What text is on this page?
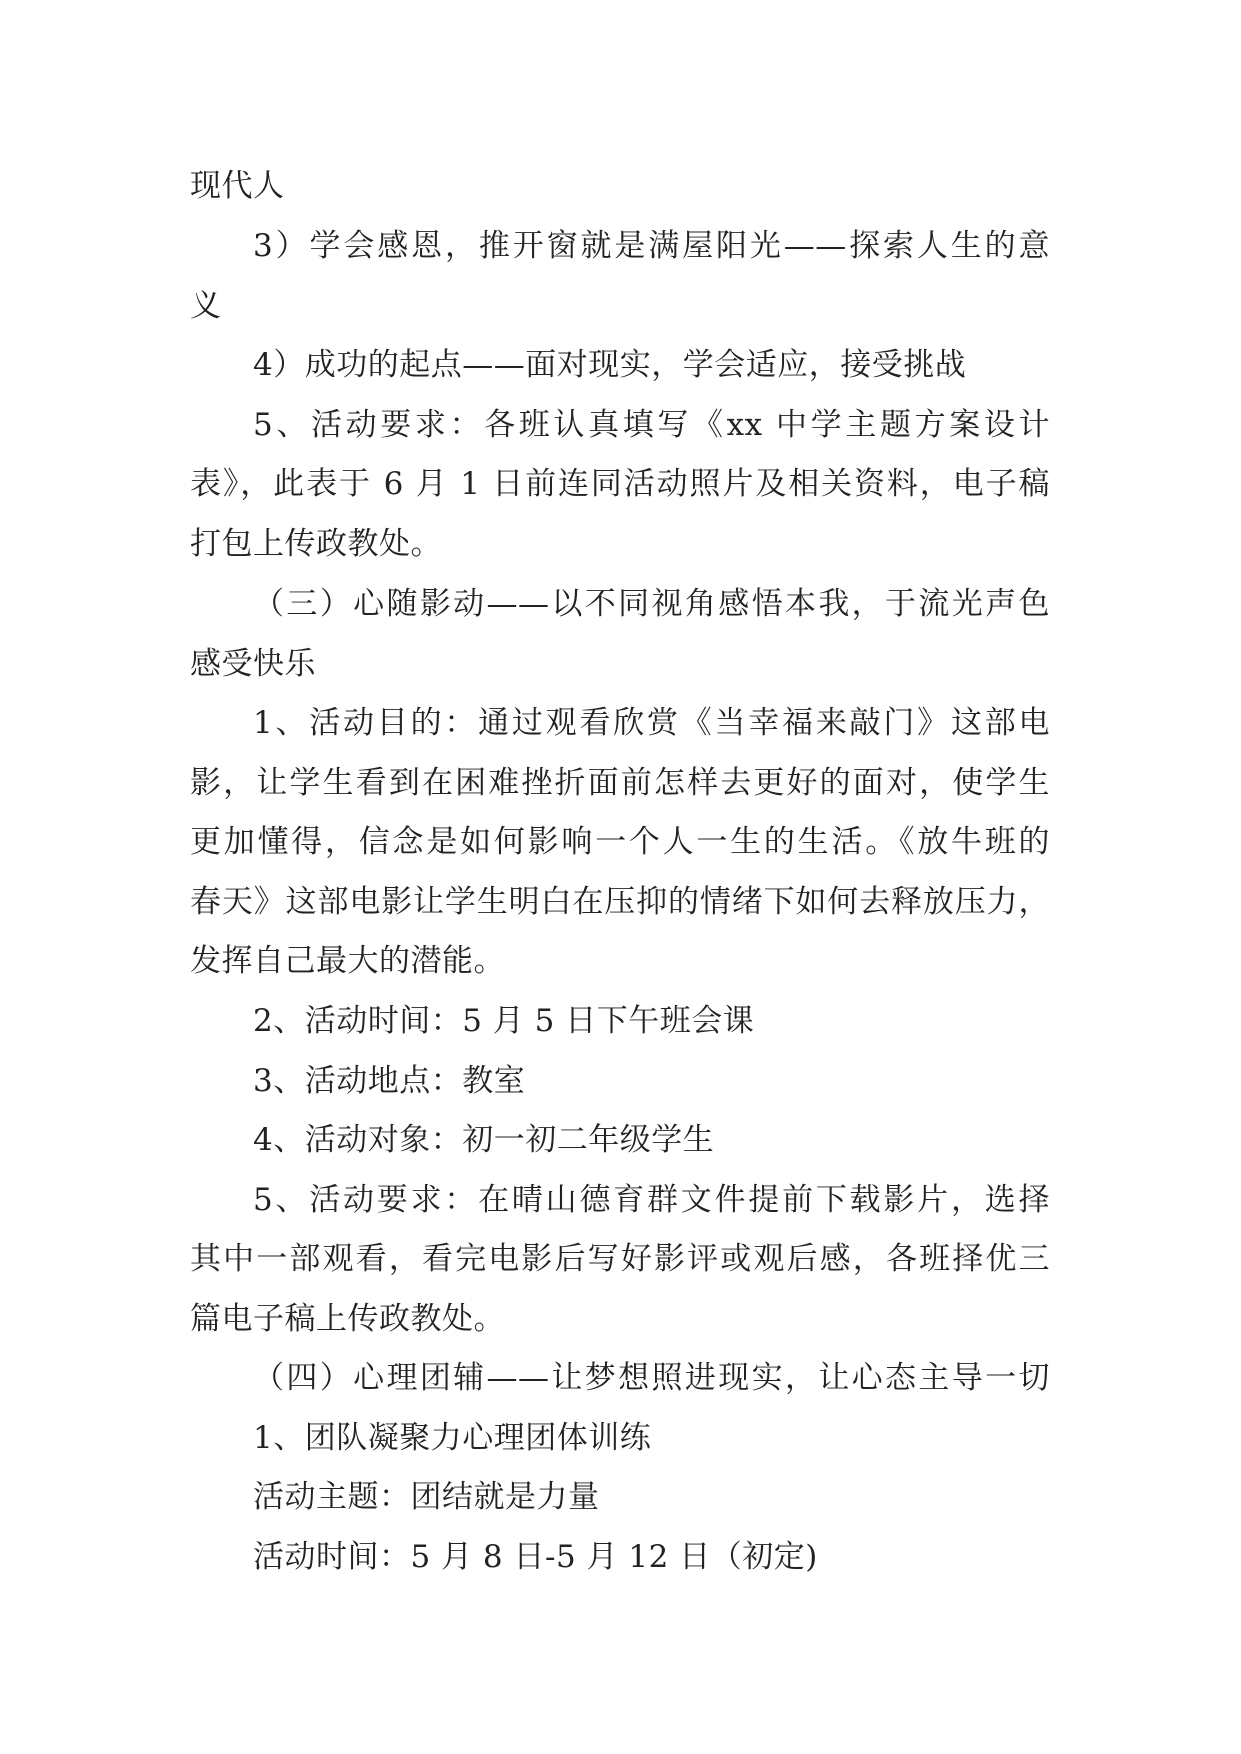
现代人
3）学会感恩，推开窗就是满屋阳光——探索人生的意
义
4）成功的起点——面对现实，学会适应，接受挑战
5、活动要求：各班认真填写《xx 中学主题方案设计
表》，此表于 6 月 1 日前连同活动照片及相关资料，电子稿
打包上传政教处。
（三）心随影动——以不同视角感悟本我，于流光声色
感受快乐
1、活动目的：通过观看欣赏《当幸福来敲门》这部电
影，让学生看到在困难挫折面前怎样去更好的面对，使学生
更加懂得，信念是如何影响一个人一生的生活。《放牛班的
春天》这部电影让学生明白在压抑的情绪下如何去释放压力，
发挥自己最大的潜能。
2、活动时间：5 月 5 日下午班会课
3、活动地点：教室
4、活动对象：初一初二年级学生
5、活动要求：在晴山德育群文件提前下载影片，选择
其中一部观看，看完电影后写好影评或观后感，各班择优三
篇电子稿上传政教处。
（四）心理团辅——让梦想照进现实，让心态主导一切
1、团队凝聚力心理团体训练
活动主题：团结就是力量
活动时间：5 月 8 日-5 月 12 日（初定)
